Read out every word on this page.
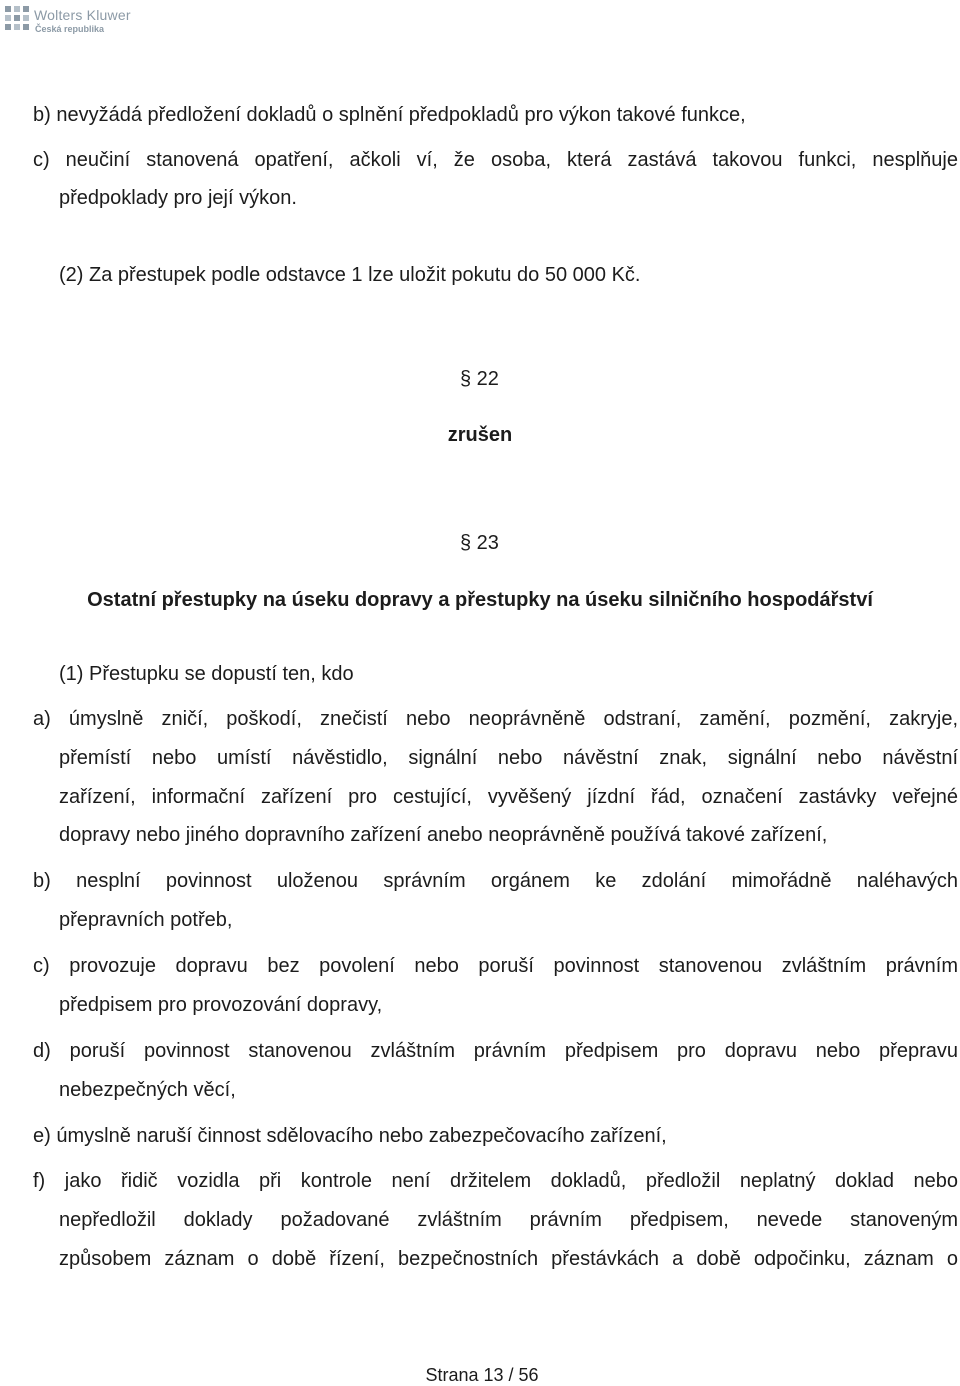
Wolters Kluwer
Česká republika
b) nevyžádá předložení dokladů o splnění předpokladů pro výkon takové funkce,
c) neučiní stanovená opatření, ačkoli ví, že osoba, která zastává takovou funkci, nesplňuje
předpoklady pro její výkon.
(2) Za přestupek podle odstavce 1 lze uložit pokutu do 50 000 Kč.
§ 22
zrušen
§ 23
Ostatní přestupky na úseku dopravy a přestupky na úseku silničního hospodářství
(1) Přestupku se dopustí ten, kdo
a) úmyslně zničí, poškodí, znečistí nebo neoprávněně odstraní, zamění, pozmění, zakryje,
přemístí nebo umístí návěstidlo, signální nebo návěstní znak, signální nebo návěstní
zařízení, informační zařízení pro cestující, vyvěšený jízdní řád, označení zastávky veřejné
dopravy nebo jiného dopravního zařízení anebo neoprávněně používá takové zařízení,
b) nesplní povinnost uloženou správním orgánem ke zdolání mimořádně naléhavých
přepravních potřeb,
c) provozuje dopravu bez povolení nebo poruší povinnost stanovenou zvláštním právním
předpisem pro provozování dopravy,
d) poruší povinnost stanovenou zvláštním právním předpisem pro dopravu nebo přepravu
nebezpečných věcí,
e) úmyslně naruší činnost sdělovacího nebo zabezpečovacího zařízení,
f) jako řidič vozidla při kontrole není držitelem dokladů, předložil neplatný doklad nebo
nepředložil doklady požadované zvláštním právním předpisem, nevede stanoveným
způsobem záznam o době řízení, bezpečnostních přestávkách a době odpočinku, záznam o
Strana 13 / 56
